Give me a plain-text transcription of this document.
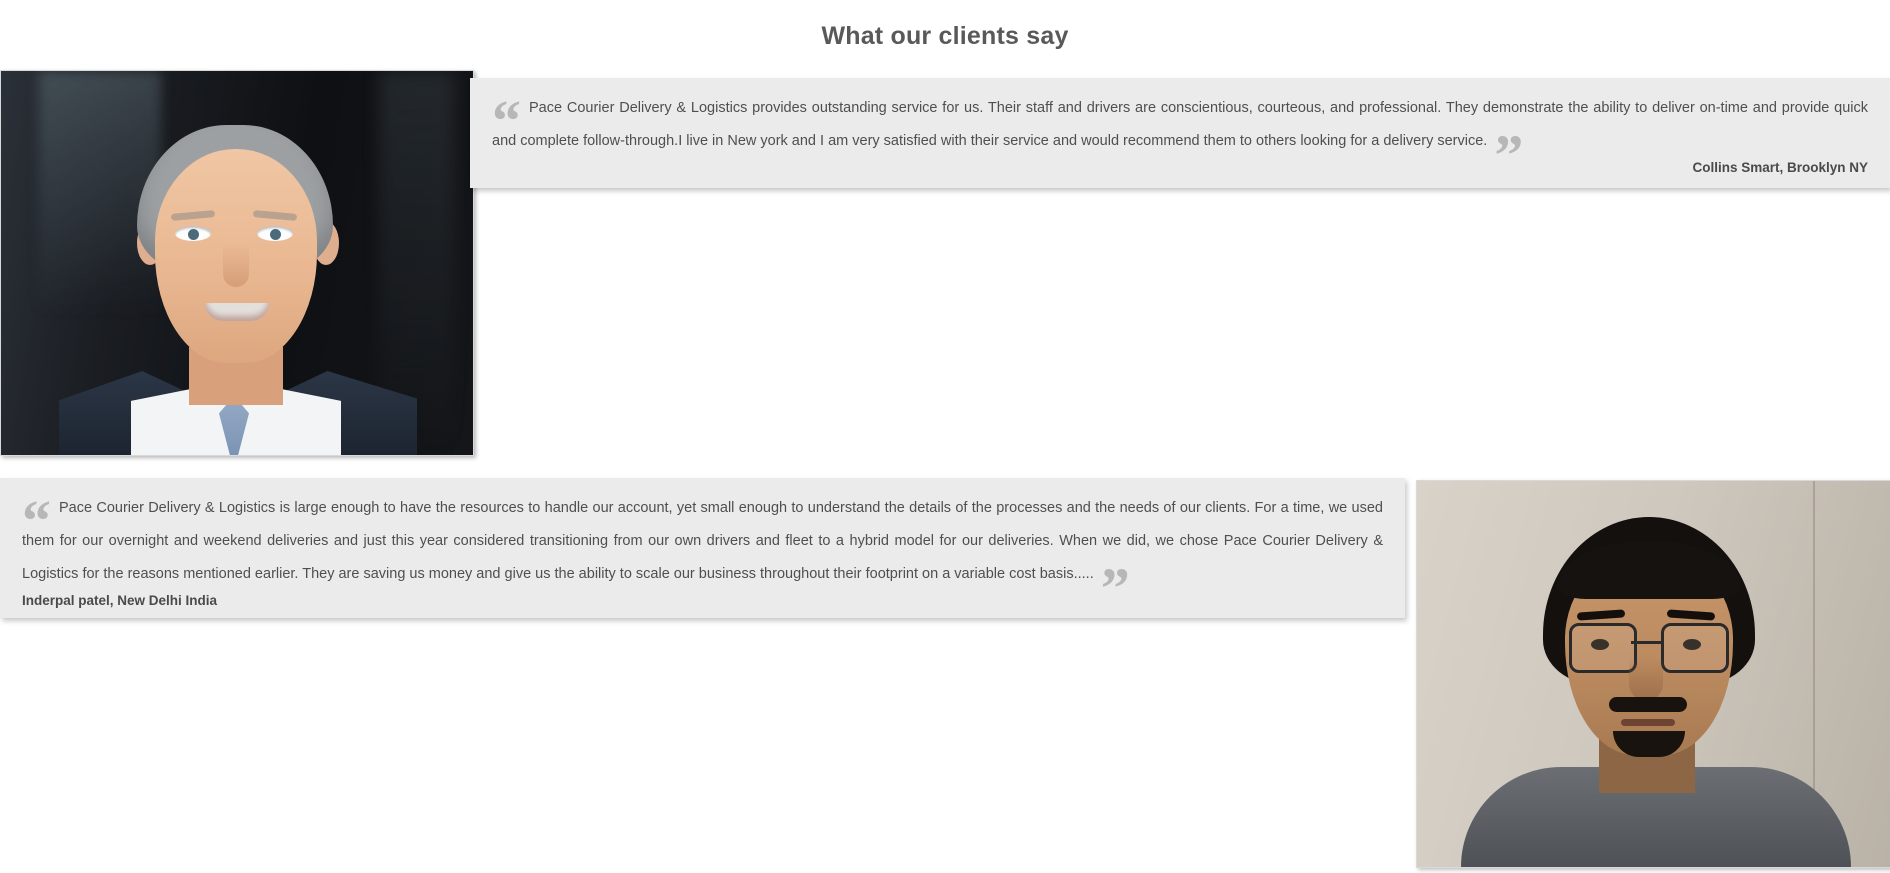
What our clients say

“ Pace Courier Delivery & Logistics provides outstanding service for us. Their staff and drivers are conscientious, courteous, and professional. They demonstrate the ability to deliver on-time and provide quick and complete follow-through.I live in New york and I am very satisfied with their service and would recommend them to others looking for a delivery service. ”	Collins Smart, Brooklyn NY

“ Pace Courier Delivery & Logistics is large enough to have the resources to handle our account, yet small enough to understand the details of the processes and the needs of our clients. For a time, we used them for our overnight and weekend deliveries and just this year considered transitioning from our own drivers and fleet to a hybrid model for our deliveries. When we did, we chose Pace Courier Delivery & Logistics for the reasons mentioned earlier. They are saving us money and give us the ability to scale our business throughout their footprint on a variable cost basis..... ”

Inderpal patel, New Delhi India
